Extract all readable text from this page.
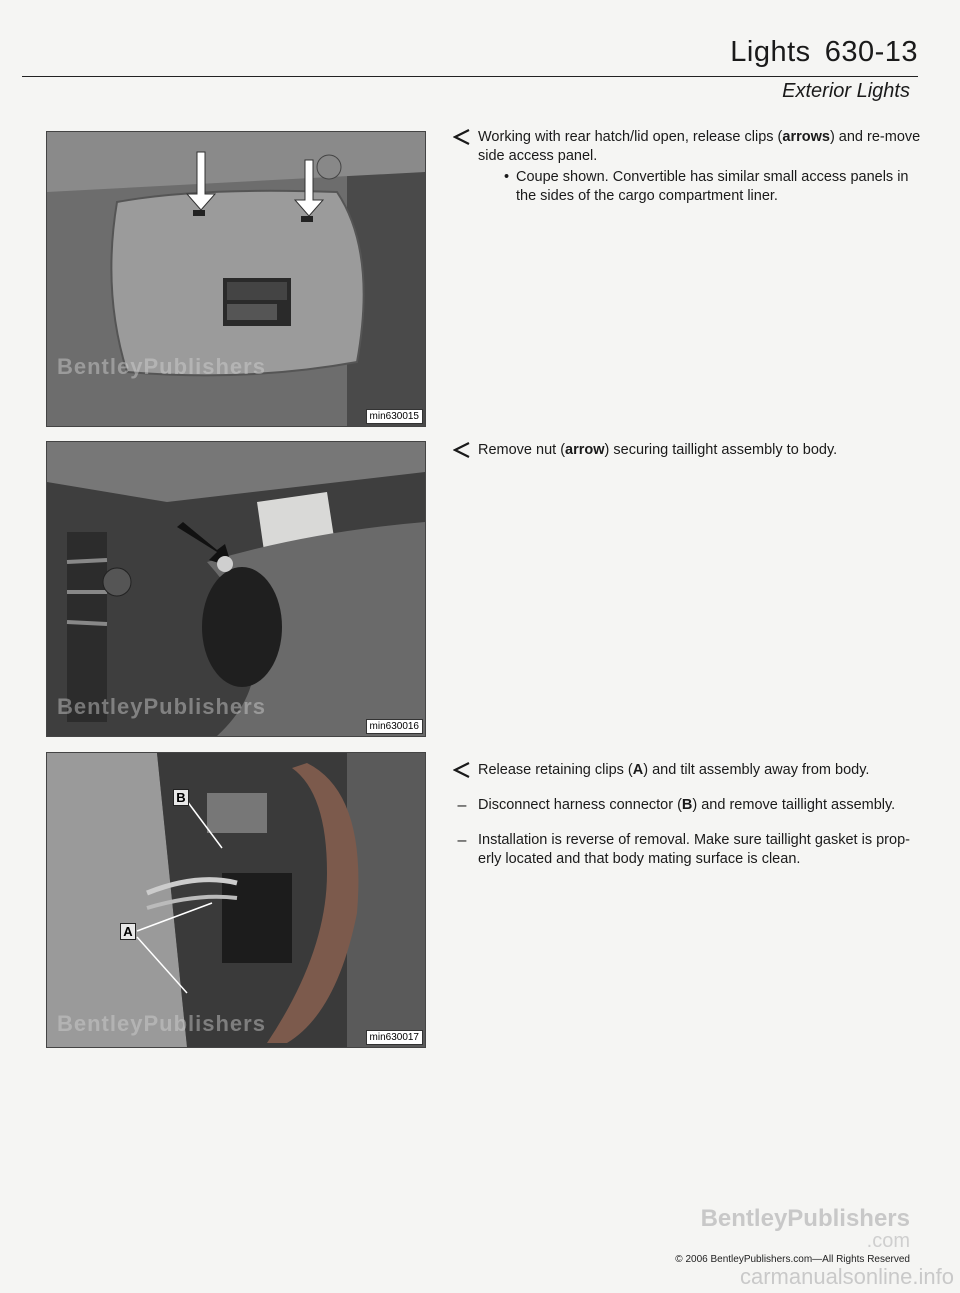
Lights 630-13
Exterior Lights
BentleyPublishers
min630015
BentleyPublishers
min630016
B
A
BentleyPublishers
min630017
Working with rear hatch/lid open, release clips (arrows) and re-move side access panel.
• Coupe shown. Convertible has similar small access panels in the sides of the cargo compartment liner.
Remove nut (arrow) securing taillight assembly to body.
Release retaining clips (A) and tilt assembly away from body.
– Disconnect harness connector (B) and remove taillight assembly.
– Installation is reverse of removal. Make sure taillight gasket is prop-erly located and that body mating surface is clean.
BentleyPublishers
.com
© 2006 BentleyPublishers.com—All Rights Reserved
carmanualsonline.info
